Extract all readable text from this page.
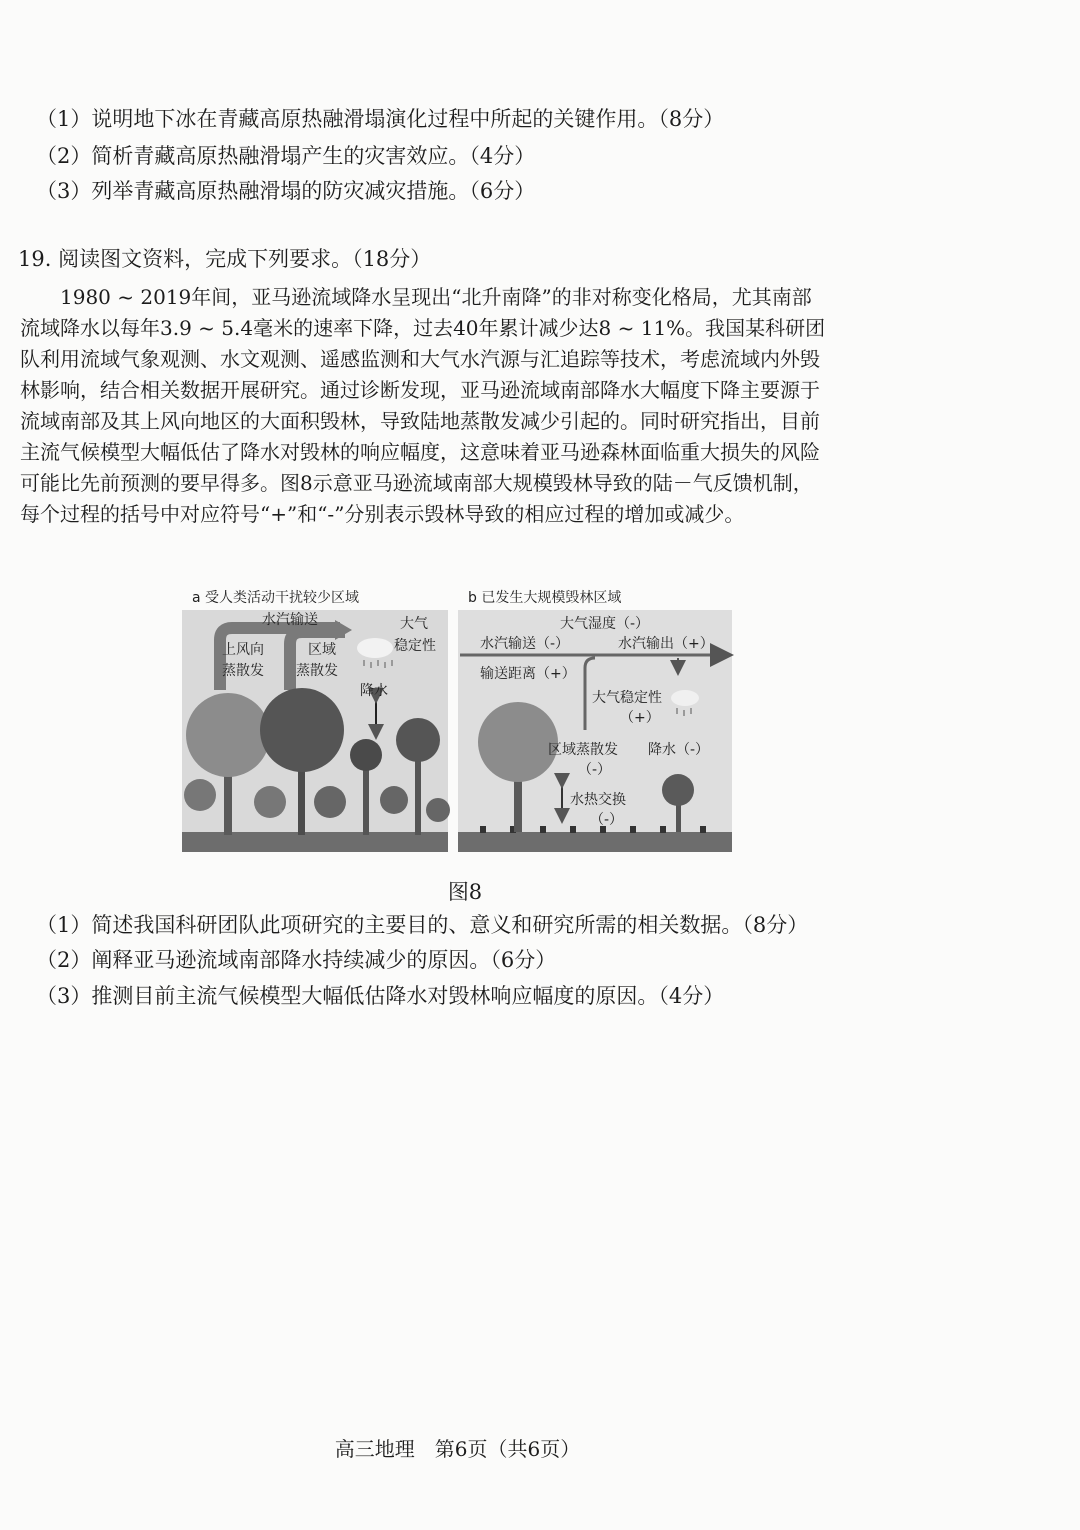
（1）说明地下冰在青藏高原热融滑塌演化过程中所起的关键作用。（8分）
（2）简析青藏高原热融滑塌产生的灾害效应。（4分）
（3）列举青藏高原热融滑塌的防灾减灾措施。（6分）
19. 阅读图文资料，完成下列要求。（18分）

1980 ~ 2019年间，亚马逊流域降水呈现出“北升南降”的非对称变化格局，尤其南部
流域降水以每年3.9 ~ 5.4毫米的速率下降，过去40年累计减少达8 ~ 11%。我国某科研团
队利用流域气象观测、水文观测、遥感监测和大气水汽源与汇追踪等技术，考虑流域内外毁
林影响，结合相关数据开展研究。通过诊断发现，亚马逊流域南部降水大幅度下降主要源于
流域南部及其上风向地区的大面积毁林，导致陆地蒸散发减少引起的。同时研究指出，目前
主流气候模型大幅低估了降水对毁林的响应幅度，这意味着亚马逊森林面临重大损失的风险
可能比先前预测的要早得多。图8示意亚马逊流域南部大规模毁林导致的陆－气反馈机制，
每个过程的括号中对应符号“+”和“-”分别表示毁林导致的相应过程的增加或减少。

a 受人类活动干扰较少区域
水汽输送
上风向
蒸散发
区域
蒸散发
大气
稳定性
降水
b 已发生大规模毁林区域
大气湿度（-）
水汽输送（-）	水汽输出（+）
输送距离（+）
大气稳定性
（+）
区域蒸散发
（-）
降水（-）
水热交换
（-）
图8
（1）简述我国科研团队此项研究的主要目的、意义和研究所需的相关数据。（8分）
（2）阐释亚马逊流域南部降水持续减少的原因。（6分）
（3）推测目前主流气候模型大幅低估降水对毁林响应幅度的原因。（4分）
高三地理　第6页（共6页）
